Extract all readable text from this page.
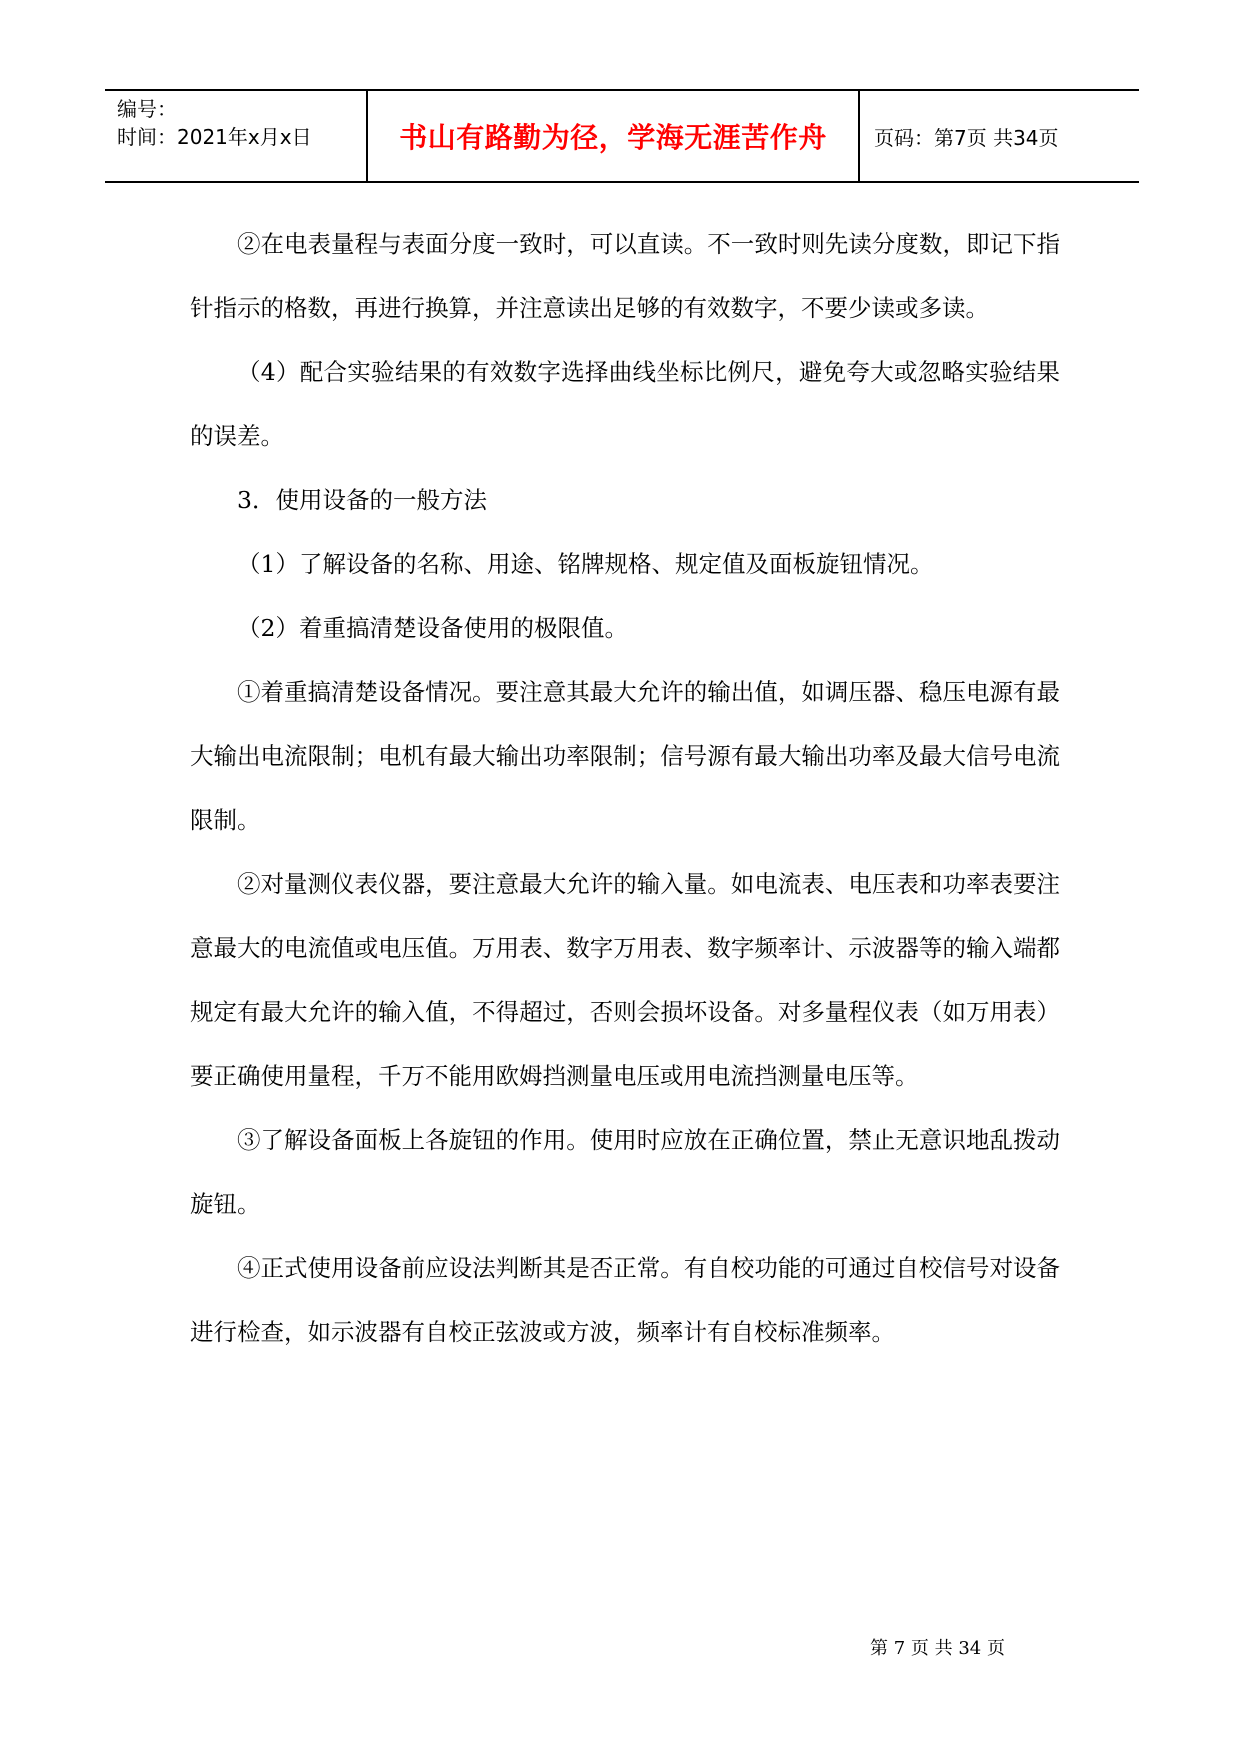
编号：
时间：2021年x月x日	书山有路勤为径，学海无涯苦作舟 页码：第7页 共34页

②在电表量程与表面分度一致时，可以直读。不一致时则先读分度数，即记下指针指示的格数，再进行换算，并注意读出足够的有效数字，不要少读或多读。

（4）配合实验结果的有效数字选择曲线坐标比例尺，避免夸大或忽略实验结果的误差。

3．使用设备的一般方法

（1）了解设备的名称、用途、铭牌规格、规定值及面板旋钮情况。

（2）着重搞清楚设备使用的极限值。

①着重搞清楚设备情况。要注意其最大允许的输出值，如调压器、稳压电源有最大输出电流限制；电机有最大输出功率限制；信号源有最大输出功率及最大信号电流限制。

②对量测仪表仪器，要注意最大允许的输入量。如电流表、电压表和功率表要注意最大的电流值或电压值。万用表、数字万用表、数字频率计、示波器等的输入端都规定有最大允许的输入值，不得超过，否则会损坏设备。对多量程仪表（如万用表）要正确使用量程，千万不能用欧姆挡测量电压或用电流挡测量电压等。

③了解设备面板上各旋钮的作用。使用时应放在正确位置，禁止无意识地乱拨动旋钮。

④正式使用设备前应设法判断其是否正常。有自校功能的可通过自校信号对设备进行检查，如示波器有自校正弦波或方波，频率计有自校标准频率。

第 7 页 共 34 页
